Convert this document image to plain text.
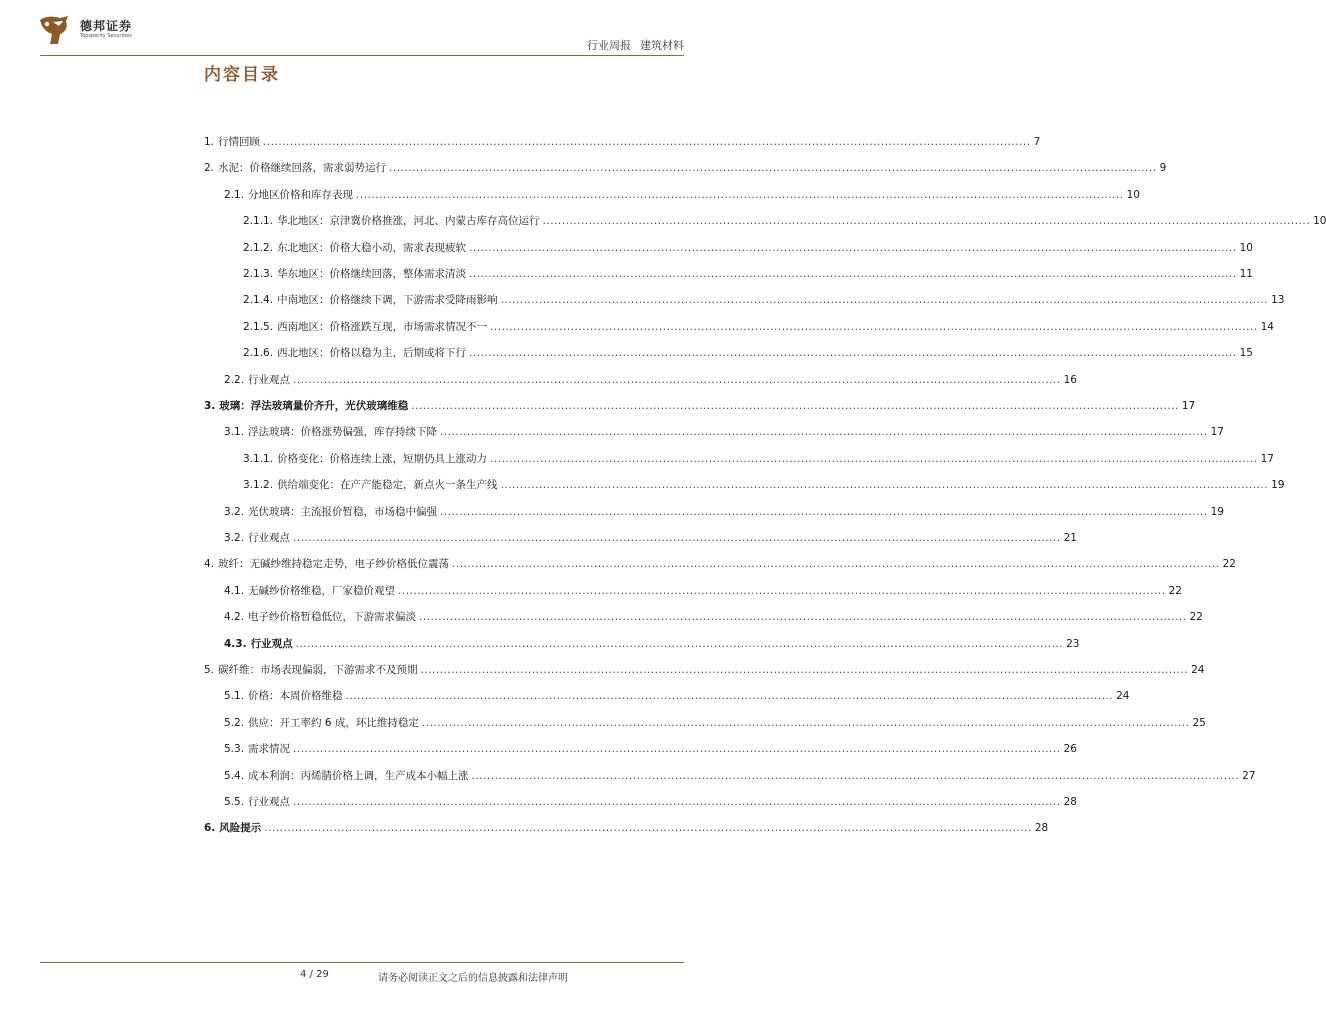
德邦证券
Topsperity Securities
行业周报 建筑材料
内容目录
1. 行情回顾 ........................................................................................................................................................................................................ 7
2. 水泥：价格继续回落，需求弱势运行 ........................................................................................................................................................................................................ 9
2.1. 分地区价格和库存表现 ........................................................................................................................................................................................................ 10
2.1.1. 华北地区：京津冀价格推涨，河北、内蒙古库存高位运行 ........................................................................................................................................................................................................ 10
2.1.2. 东北地区：价格大稳小动，需求表现疲软 ........................................................................................................................................................................................................ 10
2.1.3. 华东地区：价格继续回落，整体需求清淡 ........................................................................................................................................................................................................ 11
2.1.4. 中南地区：价格继续下调，下游需求受降雨影响 ........................................................................................................................................................................................................ 13
2.1.5. 西南地区：价格涨跌互现，市场需求情况不一 ........................................................................................................................................................................................................ 14
2.1.6. 西北地区：价格以稳为主，后期或将下行 ........................................................................................................................................................................................................ 15
2.2. 行业观点 ........................................................................................................................................................................................................ 16
3. 玻璃：浮法玻璃量价齐升，光伏玻璃维稳 ........................................................................................................................................................................................................ 17
3.1. 浮法玻璃：价格涨势偏强，库存持续下降 ........................................................................................................................................................................................................ 17
3.1.1. 价格变化：价格连续上涨，短期仍具上涨动力 ........................................................................................................................................................................................................ 17
3.1.2. 供给端变化：在产产能稳定，新点火一条生产线 ........................................................................................................................................................................................................ 19
3.2. 光伏玻璃：主流报价暂稳，市场稳中偏强 ........................................................................................................................................................................................................ 19
3.2. 行业观点 ........................................................................................................................................................................................................ 21
4. 玻纤：无碱纱维持稳定走势，电子纱价格低位震荡 ........................................................................................................................................................................................................ 22
4.1. 无碱纱价格维稳，厂家稳价观望 ........................................................................................................................................................................................................ 22
4.2. 电子纱价格暂稳低位，下游需求偏淡 ........................................................................................................................................................................................................ 22
4.3. 行业观点 ........................................................................................................................................................................................................ 23
5. 碳纤维：市场表现偏弱，下游需求不及预期 ........................................................................................................................................................................................................ 24
5.1. 价格：本周价格维稳 ........................................................................................................................................................................................................ 24
5.2. 供应：开工率约 6 成，环比维持稳定 ........................................................................................................................................................................................................ 25
5.3. 需求情况 ........................................................................................................................................................................................................ 26
5.4. 成本利润：丙烯腈价格上调，生产成本小幅上涨 ........................................................................................................................................................................................................ 27
5.5. 行业观点 ........................................................................................................................................................................................................ 28
6. 风险提示 ........................................................................................................................................................................................................ 28
4 / 29	请务必阅读正文之后的信息披露和法律声明
